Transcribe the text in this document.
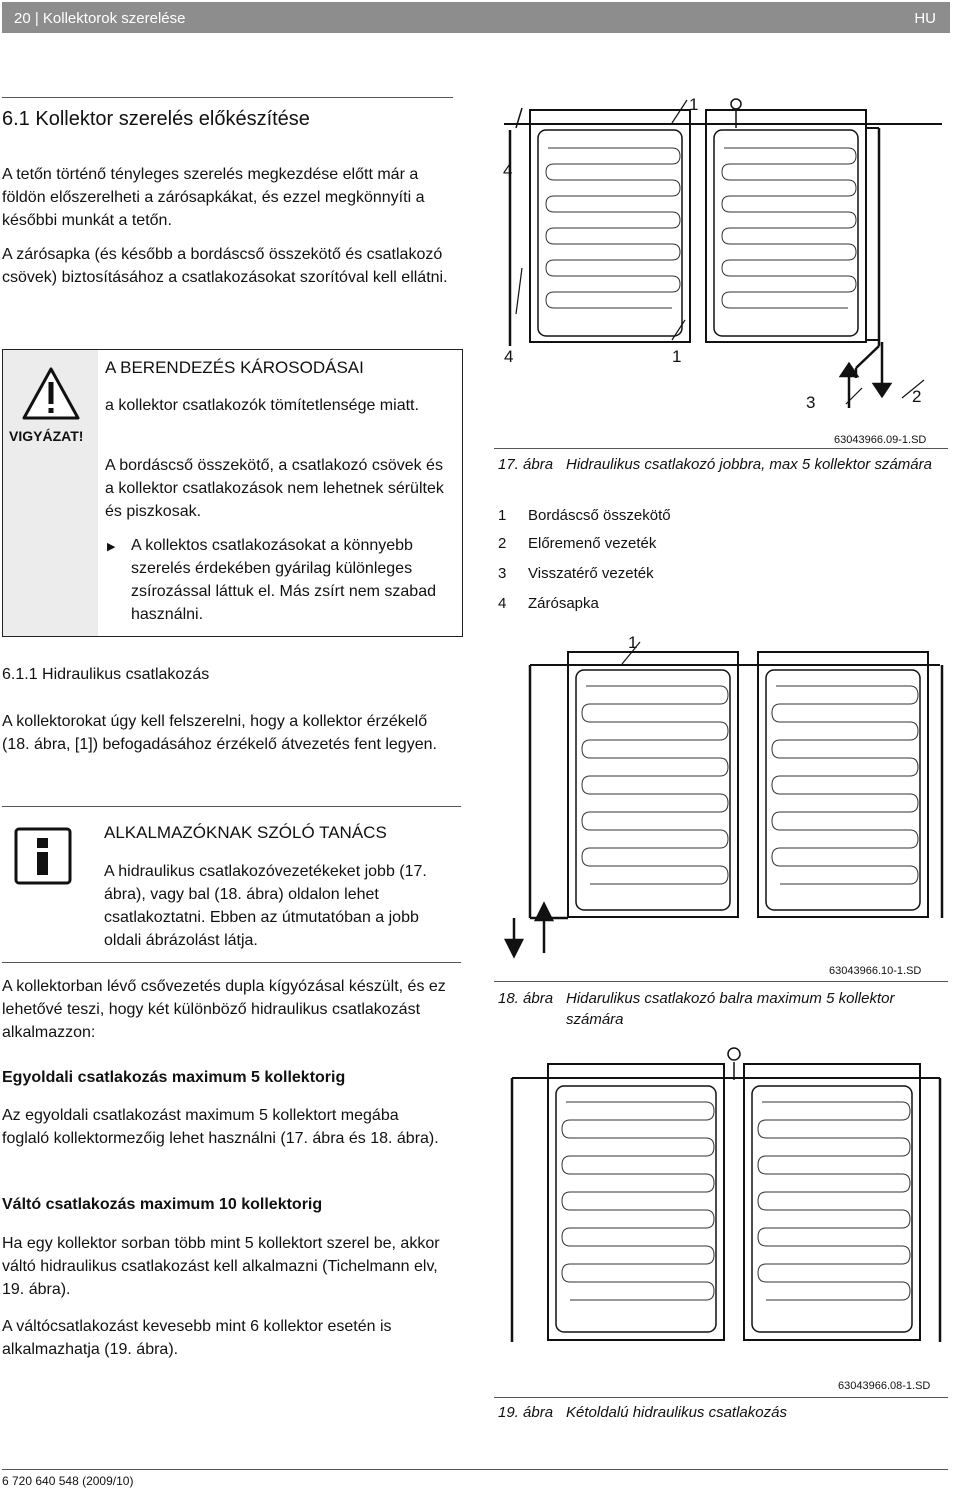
20 | Kollektorok szerelése	HU
6.1 Kollektor szerelés előkészítése
A tetőn történő tényleges szerelés megkezdése előtt már a földön előszerelheti a zárósapkákat, és ezzel megkönnyíti a későbbi munkát a tetőn.
A zárósapka (és később a bordáscső összekötő és csatlakozó csövek) biztosításához a csatlakozásokat szorítóval kell ellátni.
VIGYÁZAT!
A BERENDEZÉS KÁROSODÁSAI
a kollektor csatlakozók tömítetlensége miatt.
A bordáscső összekötő, a csatlakozó csövek és a kollektor csatlakozások nem lehetnek sérültek és piszkosak.
▶ A kollektos csatlakozásokat a könnyebb szerelés érdekében gyárilag különleges zsírozással láttuk el. Más zsírt nem szabad használni.
6.1.1 Hidraulikus csatlakozás
A kollektorokat úgy kell felszerelni, hogy a kollektor érzékelő (18. ábra, [1]) befogadásához érzékelő átvezetés fent legyen.
ALKALMAZÓKNAK SZÓLÓ TANÁCS
A hidraulikus csatlakozóvezetékeket jobb (17. ábra), vagy bal (18. ábra) oldalon lehet csatlakoztatni. Ebben az útmutatóban a jobb oldali ábrázolást látja.
A kollektorban lévő csővezetés dupla kígyózásal készült, és ez lehetővé teszi, hogy két különböző hidraulikus csatlakozást alkalmazzon:
Egyoldali csatlakozás maximum 5 kollektorig
Az egyoldali csatlakozást maximum 5 kollektort megába foglaló kollektormezőig lehet használni (17. ábra és 18. ábra).
Váltó csatlakozás maximum 10 kollektorig
Ha egy kollektor sorban több mint 5 kollektort szerel be, akkor váltó hidraulikus csatlakozást kell alkalmazni (Tichelmann elv, 19. ábra).
A váltócsatlakozást kevesebb mint 6 kollektor esetén is alkalmazhatja (19. ábra).
1
4
4	1
3	2
63043966.09-1.SD
17. ábra Hidraulikus csatlakozó jobbra, max 5 kollektor számára
1 Bordáscső összekötő
2 Előremenő vezeték
3 Visszatérő vezeték
4 Zárósapka
1
63043966.10-1.SD
18. ábra Hidarulikus csatlakozó balra maximum 5 kollektor számára
63043966.08-1.SD
19. ábra Kétoldalú hidraulikus csatlakozás
6 720 640 548 (2009/10)
